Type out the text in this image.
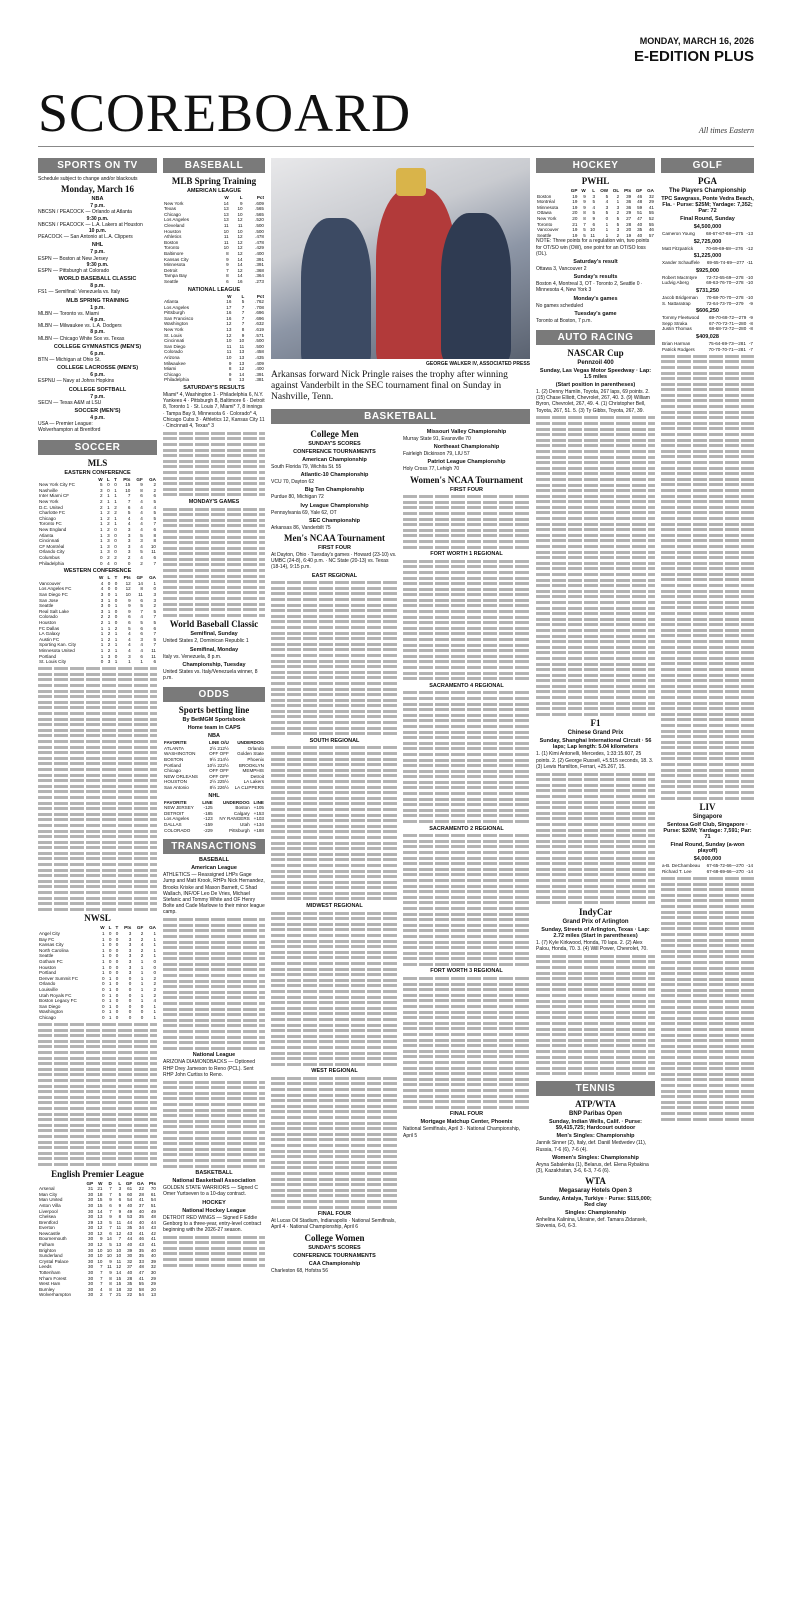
MONDAY, MARCH 16, 2026
E-EDITION PLUS
SCOREBOARD	All times Eastern
SPORTS ON TV
Schedule subject to change and/or blackouts
Monday, March 16
NBA
7 p.m.
NBCSN / PEACOCK — Orlando at Atlanta
9:30 p.m.
NBCSN / PEACOCK — L.A. Lakers at Houston
10 p.m.
PEACOCK — San Antonio at L.A. Clippers
NHL
7 p.m.
ESPN — Boston at New Jersey
9:30 p.m.
ESPN — Pittsburgh at Colorado
WORLD BASEBALL CLASSIC
8 p.m.
FS1 — Semifinal: Venezuela vs. Italy
MLB SPRING TRAINING
1 p.m.
MLBN — Toronto vs. Miami
4 p.m.
MLBN — Milwaukee vs. L.A. Dodgers
8 p.m.
MLBN — Chicago White Sox vs. Texas
COLLEGE GYMNASTICS (MEN'S)
6 p.m.
BTN — Michigan at Ohio St.
COLLEGE LACROSSE (MEN'S)
6 p.m.
ESPNU — Navy at Johns Hopkins
COLLEGE SOFTBALL
7 p.m.
SECN — Texas A&M at LSU
SOCCER (MEN'S)
4 p.m.
USA — Premier League:
Wolverhampton at Brentford
SOCCER
MLS
EASTERN CONFERENCE
	W	L	T	Pts	GF	GA
New York City FC	5	0	0	15	9	2
Nashville	3	0	1	10	8	2
Inter Miami CF	2	1	1	7	6	6
New York	2	1	1	7	4	5
D.C. United	2	1	2	6	4	4
Charlotte FC	1	2	2	5	4	5
Chicago	1	2	1	4	4	5
Toronto FC	1	2	1	4	4	7
New England	1	2	0	3	4	6
Atlanta	1	3	0	3	5	8
Cincinnati	1	3	0	3	3	8
CF Montréal	1	3	0	3	4	10
Orlando City	1	3	0	3	5	11
Columbus	0	2	2	2	4	6
Philadelphia	0	4	0	0	2	7
WESTERN CONFERENCE
	W	L	T	Pts	GF	GA
Vancouver	4	0	0	12	14	1
Los Angeles FC	4	0	0	12	8	0
San Diego FC	3	0	1	10	11	3
San Jose	3	1	0	9	6	3
Seattle	3	0	1	9	5	2
Real Salt Lake	3	1	0	9	7	5
Colorado	2	2	0	6	4	7
Houston	2	1	0	6	5	5
FC Dallas	1	1	2	5	6	6
LA Galaxy	1	2	1	4	6	7
Austin FC	1	2	1	4	3	5
Sporting Kan. City	1	2	1	4	4	7
Minnesota United	1	2	1	4	4	11
Portland	1	3	0	3	6	11
St. Louis City	0	3	1	1	1	6
NWSL
	W	L	T	Pts	GF	GA
Angel City	1	0	0	3	2	1
Bay FC	1	0	0	3	2	1
Kansas City	1	0	0	3	4	1
North Carolina	1	0	0	3	2	1
Seattle	1	0	0	3	2	1
Gotham FC	1	0	0	3	1	0
Houston	1	0	0	3	1	0
Portland	1	0	0	3	1	0
Denver Summit FC	0	1	0	0	1	2
Orlando	0	1	0	0	1	2
Louisville	0	1	0	0	1	2
Utah Royals FC	0	1	0	0	1	2
Boston Legacy FC	0	1	0	0	1	4
San Diego	0	1	0	0	0	1
Washington	0	1	0	0	0	1
Chicago	0	1	0	0	0	1
English Premier League
	GP	W	D	L	GF	GA	Pts
Arsenal	31	21	7	3	61	22	70
Man City	30	18	7	5	60	28	61
Man United	30	15	9	6	54	41	54
Aston Villa	30	15	6	9	40	37	51
Liverpool	30	14	7	9	49	40	49
Chelsea	30	13	9	8	53	35	48
Brentford	29	13	5	11	44	40	44
Everton	30	12	7	11	35	34	43
Newcastle	30	12	6	12	43	41	42
Bournemouth	30	9	14	7	44	46	41
Fulham	30	12	5	13	40	43	41
Brighton	30	10	10	10	39	35	40
Sunderland	30	10	10	10	30	35	40
Crystal Palace	30	10	9	11	32	33	39
Leeds	30	7	11	12	37	48	32
Tottenham	30	7	9	14	40	47	30
N'ham Forest	30	7	8	15	28	41	29
West Ham	30	7	8	15	35	55	29
Burnley	30	4	8	18	32	58	20
Wolverhampton	30	2	7	21	22	54	13
BASEBALL
MLB Spring Training
AMERICAN LEAGUE
	W	L	Pct
New York	14	9	.609
Texas	13	10	.565
Chicago	13	10	.565
Los Angeles	13	12	.520
Cleveland	11	11	.500
Houston	10	10	.500
Athletics	11	12	.478
Boston	11	12	.478
Toronto	10	12	.429
Baltimore	8	12	.400
Kansas City	9	14	391
Minnesota	9	14	.391
Detroit	7	12	.368
Tampa Bay	8	14	.364
Seattle	6	16	.273
NATIONAL LEAGUE
	W	L	Pct
Atlanta	16	5	.762
Los Angeles	17	7	.708
Pittsburgh	16	7	.696
San Francisco	16	7	.696
Washington	12	7	.632
New York	13	8	.619
St. Louis	12	9	.571
Cincinnati	10	10	.500
San Diego	11	11	.500
Colorado	11	13	.458
Arizona	10	13	.435
Milwaukee	9	13	.409
Miami	8	12	.400
Chicago	9	14	.391
Philadelphia	8	13	.381
SATURDAY'S RESULTS
Miami* 4, Washington 1 · Philadelphia 6, N.Y. Yankees 4 · Pittsburgh 8, Baltimore 6 · Detroit 8, Toronto 1 · St. Louis 7, Miami* 7, 8 innings · Tampa Bay 9, Minnesota 6 · Colorado* 4, Chicago Cubs 3 · Athletics 12, Kansas City 11 · Cincinnati 4, Texas* 3
MONDAY'S GAMES
World Baseball Classic
Semifinal, Sunday
United States 2, Dominican Republic 1
Semifinal, Monday
Italy vs. Venezuela, 8 p.m.
Championship, Tuesday
United States vs. Italy/Venezuela winner, 8 p.m.
ODDS
Sports betting line
By BetMGM Sportsbook
Home team in CAPS
NBA
FAVORITE	LINE O/U	UNDERDOG
ATLANTA	2½ 212½	Orlando
WASHINGTON	OFF OFF	Golden State
BOSTON	9½ 214½	Phoenix
Portland	10½ 222½	BROOKLYN
Chicago	OFF OFF	MEMPHIS
NEW ORLEANS	OFF OFF	Detroit
HOUSTON	2½ 225½	LA Lakers
San Antonio	8½ 226½	LA CLIPPERS
NHL
FAVORITE	LINE	UNDERDOG	LINE
NEW JERSEY	-125	Boston	+105
DETROIT	-185	Calgary	+153
Los Angeles	-123	NY RANGERS	+103
DALLAS	-159	Utah	+134
COLORADO	-229	Pittsburgh	+188
TRANSACTIONS
BASEBALL
American League
ATHLETICS — Reassigned LHPs Gage Jump and Matt Krook, RHPs Nick Hernandez, Brooks Kriske and Mason Barnett, C Shad Wallach, INF/OF Leo De Vries, Michael Stefanic and Tommy White and OF Henry Bolte and Cade Marlowe to their minor league camp.
National League
ARIZONA DIAMONDBACKS — Optioned RHP Drey Jameson to Reno (PCL). Sent RHP John Curtiss to Reno.
BASKETBALL
National Basketball Association
GOLDEN STATE WARRIORS — Signed C Omer Yurtseven to a 10-day contract.
HOCKEY
National Hockey League
DETROIT RED WINGS — Signed F Eddie Genborg to a three-year, entry-level contract beginning with the 2026-27 season.
GEORGE WALKER IV, ASSOCIATED PRESS
Arkansas forward Nick Pringle raises the trophy after winning against Vanderbilt in the SEC tournament final on Sunday in Nashville, Tenn.
BASKETBALL
College Men
SUNDAY'S SCORES
CONFERENCE TOURNAMENTS
American Championship
South Florida 79, Wichita St. 55
Atlantic-10 Championship
VCU 70, Dayton 62
Big Ten Championship
Purdue 80, Michigan 72
Ivy League Championship
Pennsylvania 69, Yale 62, OT
SEC Championship
Arkansas 86, Vanderbilt 75
Men's NCAA Tournament
FIRST FOUR
At Dayton, Ohio · Tuesday's games · Howard (23-10) vs. UMBC (24-8), 6:40 p.m. · NC State (20-13) vs. Texas (18-14), 9:15 p.m.
EAST REGIONAL
SOUTH REGIONAL
MIDWEST REGIONAL
WEST REGIONAL
FINAL FOUR
At Lucas Oil Stadium, Indianapolis · National Semifinals, April 4 · National Championship, April 6
College Women
SUNDAY'S SCORES
CONFERENCE TOURNAMENTS
CAA Championship
Charleston 68, Hofstra 56
Missouri Valley Championship
Murray State 91, Evansville 70
Northeast Championship
Fairleigh Dickinson 79, LIU 57
Patriot League Championship
Holy Cross 77, Lehigh 70
Women's NCAA Tournament
FIRST FOUR
FORT WORTH 1 REGIONAL
SACRAMENTO 4 REGIONAL
SACRAMENTO 2 REGIONAL
FORT WORTH 3 REGIONAL
FINAL FOUR
Mortgage Matchup Center, Phoenix
National Semifinals, April 3 · National Championship, April 5
HOCKEY
PWHL
	GP	W	L	OW	OL	Pts	GF	GA
Boston	19	9	3	5	2	39	46	32
Montréal	19	9	5	4	1	36	48	29
Minnesota	19	9	4	3	3	36	59	41
Ottawa	20	8	5	5	2	29	51	55
New York	20	8	9	0	5	27	47	52
Toronto	21	7	6	1	5	28	40	55
Vancouver	19	5	10	1	3	20	35	46
Seattle	19	5	11	1	2	19	40	57
NOTE: Three points for a regulation win, two points for OT/SO win (OW), one point for an OT/SO loss (OL).
Saturday's result
Ottawa 3, Vancouver 2
Sunday's results
Boston 4, Montreal 3, OT · Toronto 2, Seattle 0 · Minnesota 4, New York 3
Monday's games
No games scheduled
Tuesday's game
Toronto at Boston, 7 p.m.
AUTO RACING
NASCAR Cup
Pennzoil 400
Sunday, Las Vegas Motor Speedway · Lap: 1.5 miles
(Start position in parentheses)
1. (2) Denny Hamlin, Toyota, 267 laps, 69 points. 2. (15) Chase Elliott, Chevrolet, 267, 40. 3. (9) William Byron, Chevrolet, 267, 49. 4. (1) Christopher Bell, Toyota, 267, 51. 5. (3) Ty Gibbs, Toyota, 267, 39.
F1
Chinese Grand Prix
Sunday, Shanghai International Circuit · 56 laps; Lap length: 5.04 kilometers
1. (1) Kimi Antonelli, Mercedes, 1:33:15.607, 25 points. 2. (2) George Russell, +5.515 seconds, 18. 3. (3) Lewis Hamilton, Ferrari, +25.267, 15.
IndyCar
Grand Prix of Arlington
Sunday, Streets of Arlington, Texas · Lap: 2.72 miles (Start in parentheses)
1. (7) Kyle Kirkwood, Honda, 70 laps. 2. (2) Alex Palou, Honda, 70. 3. (4) Will Power, Chevrolet, 70.
TENNIS
ATP/WTA
BNP Paribas Open
Sunday, Indian Wells, Calif. · Purse: $9,415,725; Hardcourt outdoor
Men's Singles: Championship
Jannik Sinner (2), Italy, def. Daniil Medvedev (11), Russia, 7-6 (6), 7-6 (4).
Women's Singles: Championship
Aryna Sabalenka (1), Belarus, def. Elena Rybakina (3), Kazakhstan, 3-6, 6-3, 7-6 (6).
WTA
Megasaray Hotels Open 3
Sunday, Antalya, Turkiye · Purse: $115,000; Red clay
Singles: Championship
Anhelina Kalinina, Ukraine, def. Tamara Zidansek, Slovenia, 6-0, 6-3.
GOLF
PGA
The Players Championship
TPC Sawgrass, Ponte Vedra Beach, Fla. · Purse: $25M; Yardage: 7,352; Par: 72
Final Round, Sunday
$4,500,000
Cameron Young	68-67-67-68—275	-13
$2,725,000
Matt Fitzpatrick	70-69-69-68—276	-12
$1,225,000
Xander Schauffele	69-65-74-69—277	-11
$925,000
Robert MacIntyre	72-72-65-69—278	-10
Ludvig Aberg	69-63-76-70—278	-10
$731,250
Jacob Bridgeman	70-68-70-70—278	-10
S. Nattaratrap	72-64-73-70—279	-9
$606,250
Tommy Fleetwood	69-70-68-72—279	-9
Sepp Straka	67-70-72-71—280	-8
Justin Thomas	68-68-72-72—280	-8
$409,028
Brian Harman	75-64-69-73—281	-7
Patrick Rodgers	70-70-70-71—281	-7
LIV
Singapore
Sentosa Golf Club, Singapore · Purse: $20M; Yardage: 7,591; Par: 71
Final Round, Sunday (a-won playoff)
$4,000,000
a-B. DeChambeau	67-65-72-66—270	-14
Richard T. Lee	67-68-69-66—270	-14
